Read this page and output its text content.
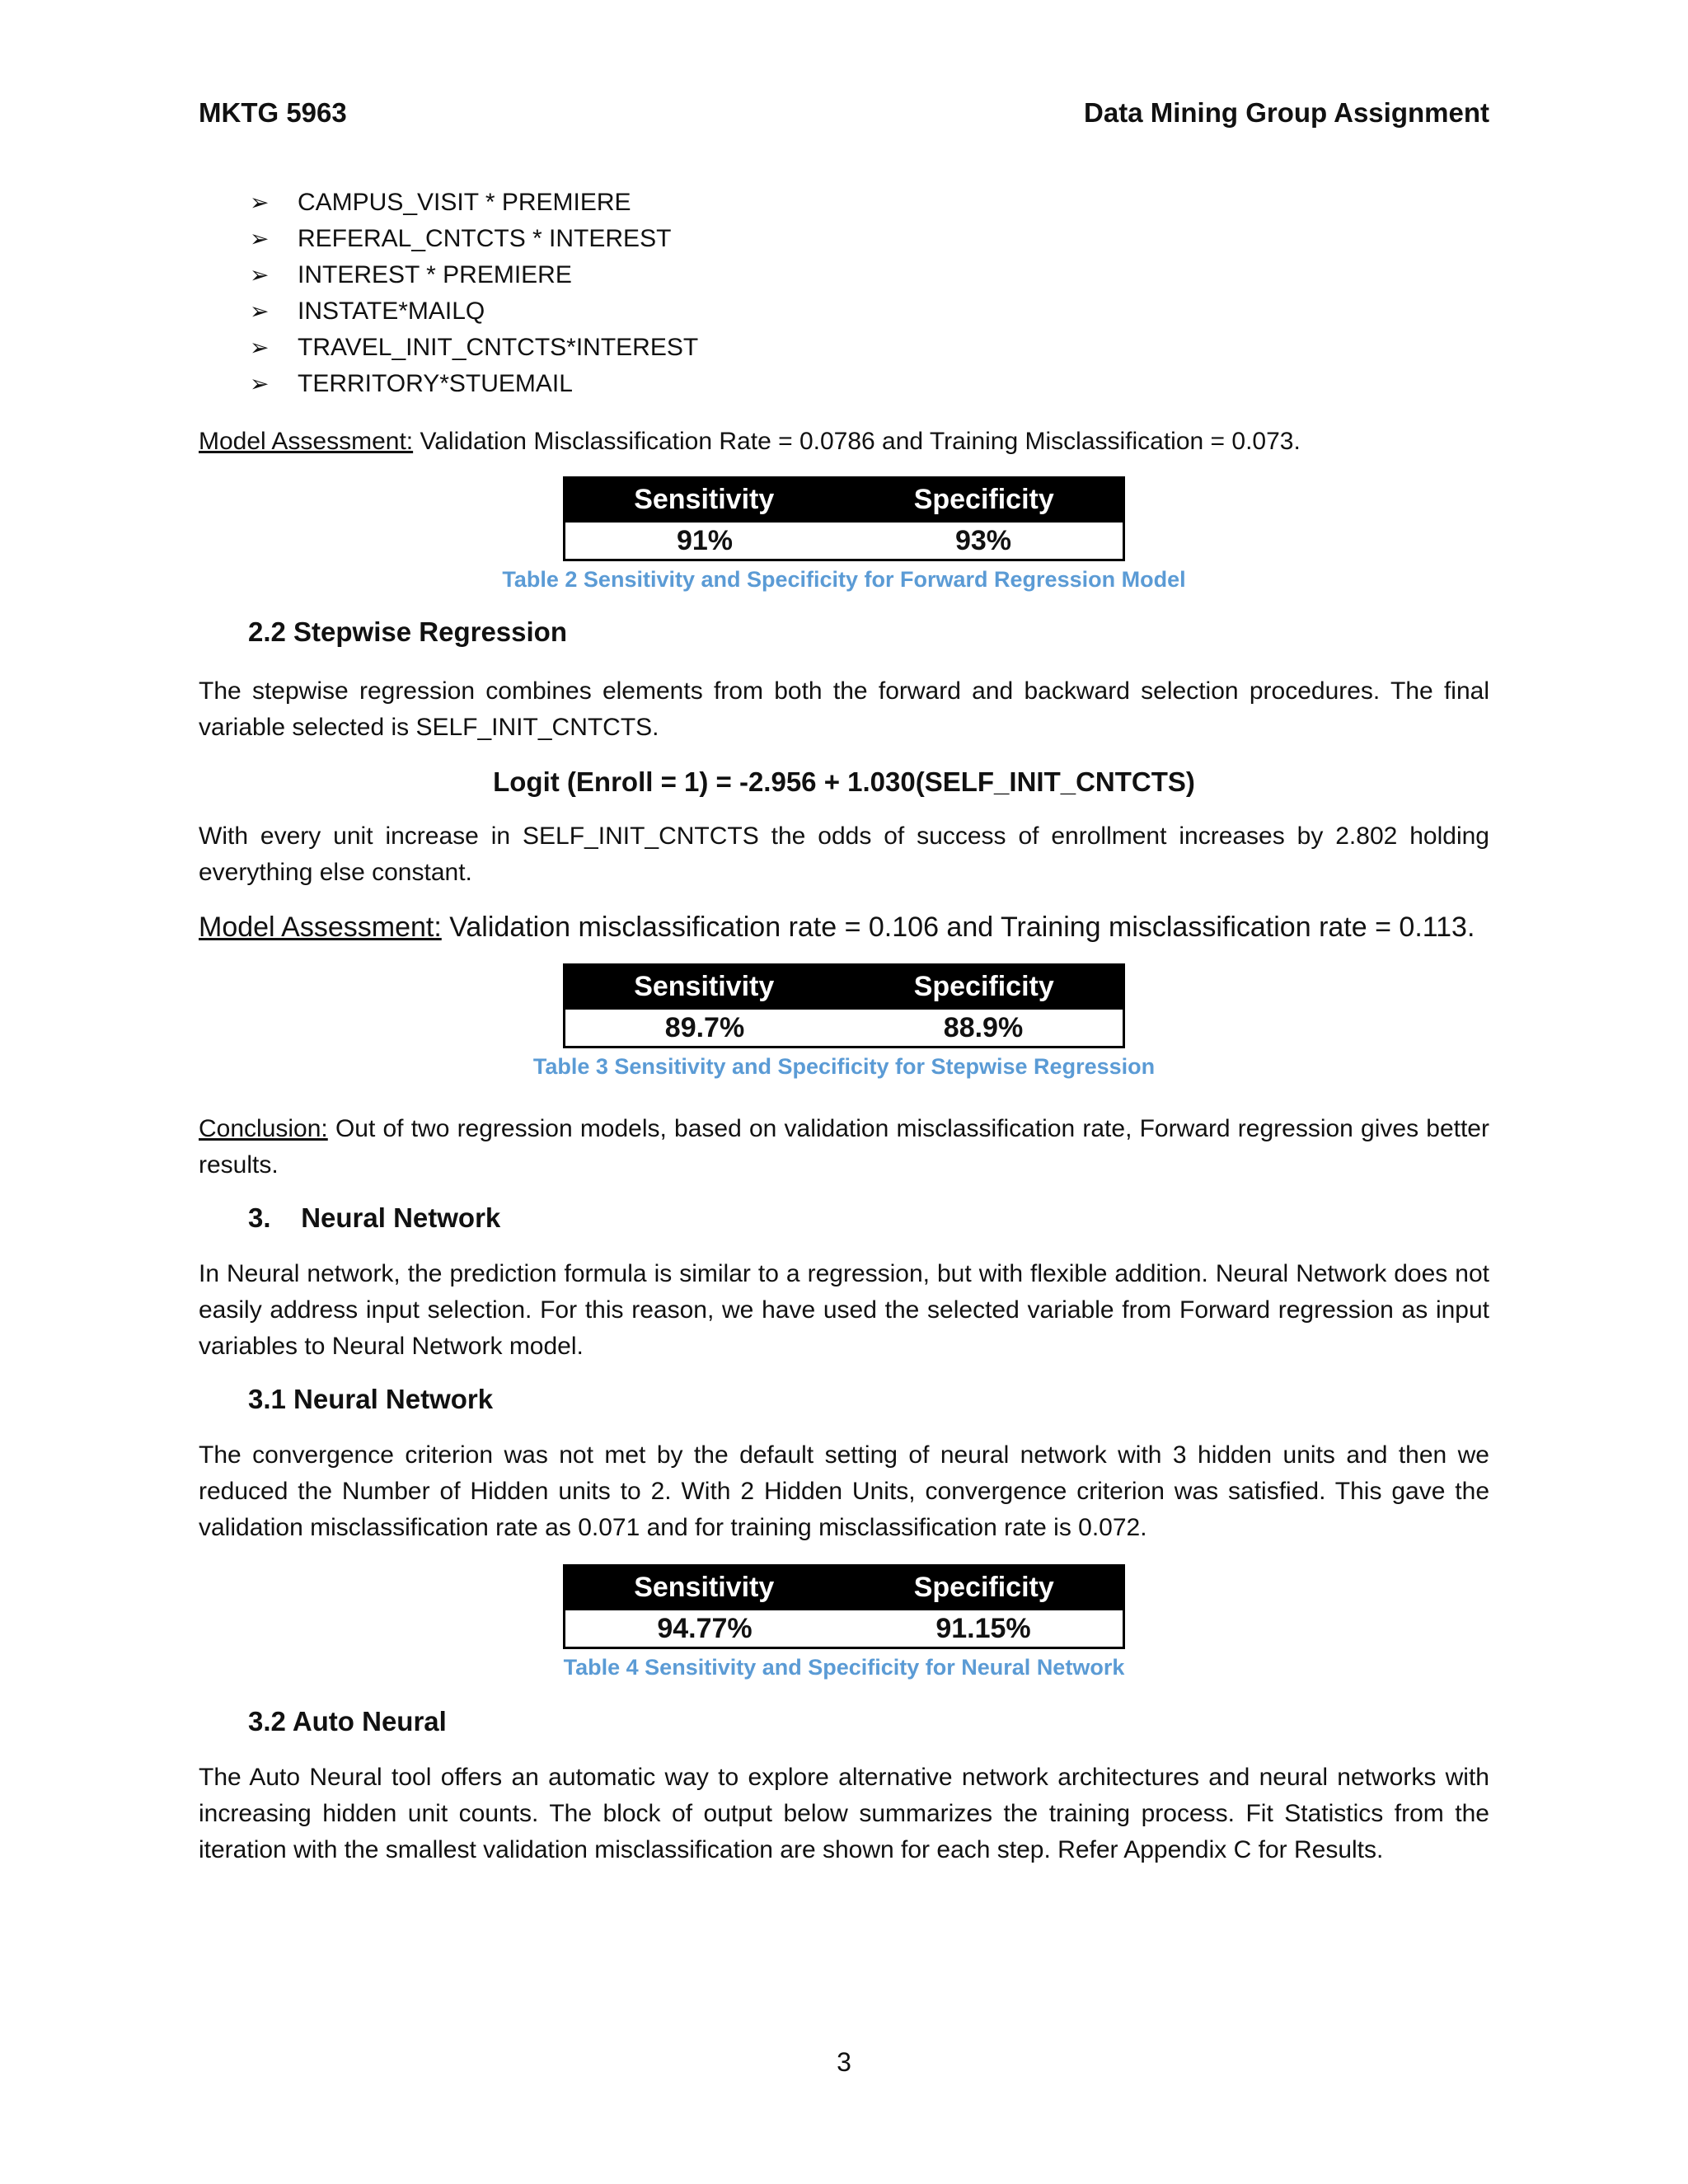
MKTG 5963	Data Mining Group Assignment
➢	CAMPUS_VISIT * PREMIERE
➢	REFERAL_CNTCTS * INTEREST
➢	INTEREST * PREMIERE
➢	INSTATE*MAILQ
➢	TRAVEL_INIT_CNTCTS*INTEREST
➢	TERRITORY*STUEMAIL

Model Assessment: Validation Misclassification Rate = 0.0786 and Training Misclassification = 0.073.

Sensitivity	Specificity
91%	93%
Table 2 Sensitivity and Specificity for Forward Regression Model
2.2 Stepwise Regression

The stepwise regression combines elements from both the forward and backward selection procedures. The final variable selected is SELF_INIT_CNTCTS.

Logit (Enroll = 1) = -2.956 + 1.030(SELF_INIT_CNTCTS)

With every unit increase in SELF_INIT_CNTCTS the odds of success of enrollment increases by 2.802 holding everything else constant.

Model Assessment: Validation misclassification rate = 0.106 and Training misclassification rate = 0.113.

Sensitivity	Specificity
89.7%	88.9%
Table 3 Sensitivity and Specificity for Stepwise Regression

Conclusion: Out of two regression models, based on validation misclassification rate, Forward regression gives better results.

3.    Neural Network

In Neural network, the prediction formula is similar to a regression, but with flexible addition. Neural Network does not easily address input selection. For this reason, we have used the selected variable from Forward regression as input variables to Neural Network model.

3.1 Neural Network

The convergence criterion was not met by the default setting of neural network with 3 hidden units and then we reduced the Number of Hidden units to 2. With 2 Hidden Units, convergence criterion was satisfied. This gave the validation misclassification rate as 0.071 and for training misclassification rate is 0.072.

Sensitivity	Specificity
94.77%	91.15%
Table 4 Sensitivity and Specificity for Neural Network
3.2 Auto Neural

The Auto Neural tool offers an automatic way to explore alternative network architectures and neural networks with increasing hidden unit counts. The block of output below summarizes the training process. Fit Statistics from the iteration with the smallest validation misclassification are shown for each step. Refer Appendix C for Results.

3
